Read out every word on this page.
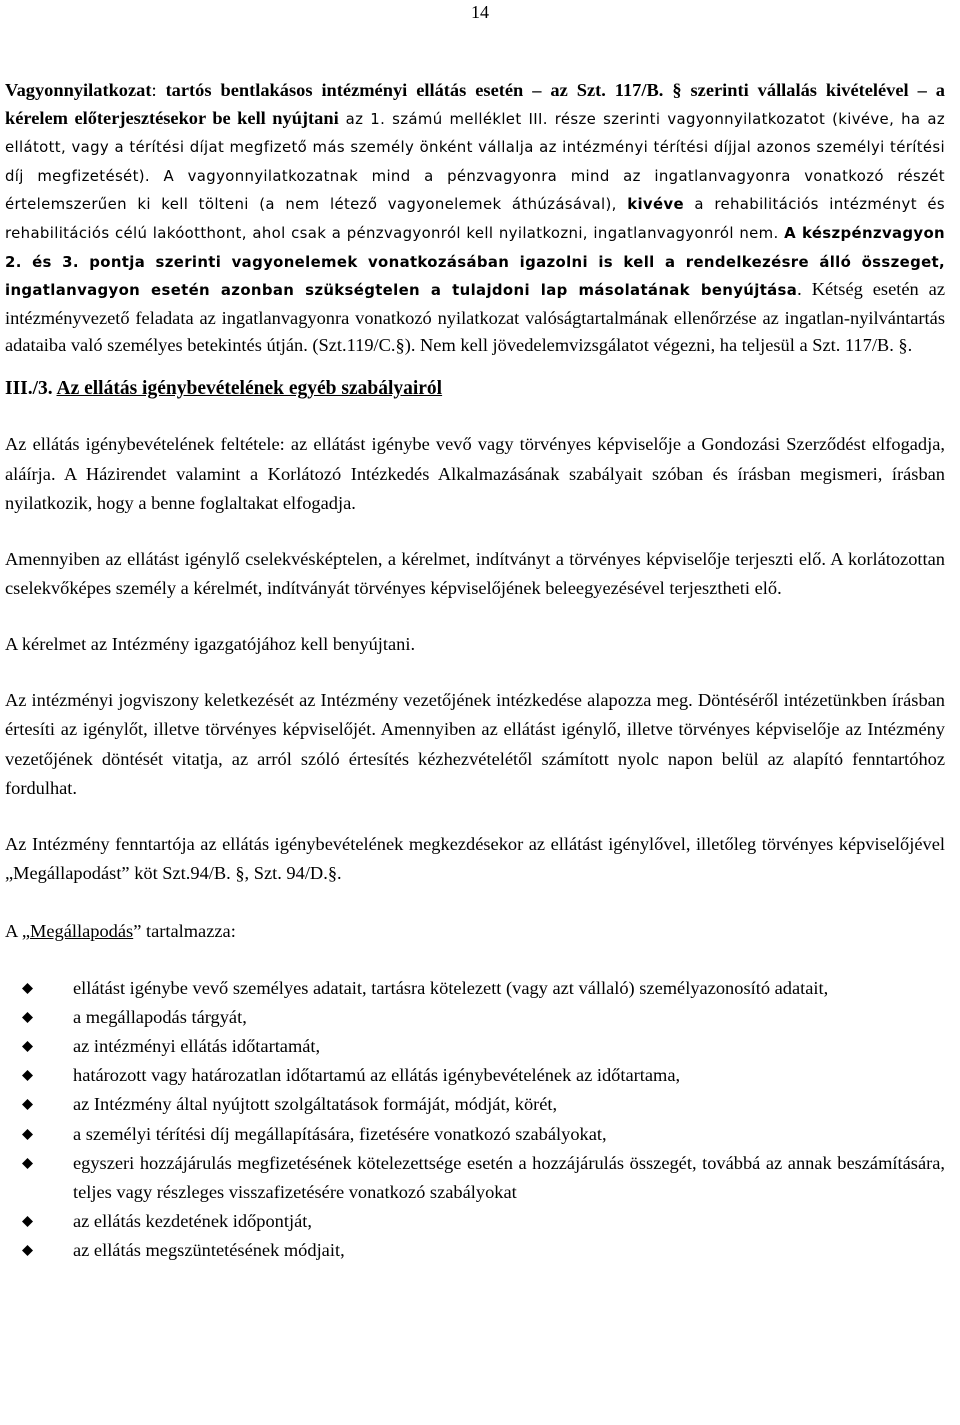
14

Vagyonnyilatkozat: tartós bentlakásos intézményi ellátás esetén – az Szt. 117/B. § szerinti vállalás kivételével – a kérelem előterjesztésekor be kell nyújtani az 1. számú melléklet III. része szerinti vagyonnyilatkozatot (kivéve, ha az ellátott, vagy a térítési díjat megfizető más személy önként vállalja az intézményi térítési díjjal azonos személyi térítési díj megfizetését). A vagyonnyilatkozatnak mind a pénzvagyonra mind az ingatlanvagyonra vonatkozó részét értelemszerűen ki kell tölteni (a nem létező vagyonelemek áthúzásával), kivéve a rehabilitációs intézményt és rehabilitációs célú lakóotthont, ahol csak a pénzvagyonról kell nyilatkozni, ingatlanvagyonról nem. A készpénzvagyon 2. és 3. pontja szerinti vagyonelemek vonatkozásában igazolni is kell a rendelkezésre álló összeget, ingatlanvagyon esetén azonban szükségtelen a tulajdoni lap másolatának benyújtása. Kétség esetén az intézményvezető feladata az ingatlanvagyonra vonatkozó nyilatkozat valóságtartalmának ellenőrzése az ingatlan-nyilvántartás adataiba való személyes betekintés útján. (Szt.119/C.§). Nem kell jövedelemvizsgálatot végezni, ha teljesül a Szt. 117/B. §.

III./3. Az ellátás igénybevételének egyéb szabályairól

Az ellátás igénybevételének feltétele: az ellátást igénybe vevő vagy törvényes képviselője a Gondozási Szerződést elfogadja, aláírja. A Házirendet valamint a Korlátozó Intézkedés Alkalmazásának szabályait szóban és írásban megismeri, írásban nyilatkozik, hogy a benne foglaltakat elfogadja.

Amennyiben az ellátást igénylő cselekvésképtelen, a kérelmet, indítványt a törvényes képviselője terjeszti elő. A korlátozottan cselekvőképes személy a kérelmét, indítványát törvényes képviselőjének beleegyezésével terjesztheti elő.

A kérelmet az Intézmény igazgatójához kell benyújtani.

Az intézményi jogviszony keletkezését az Intézmény vezetőjének intézkedése alapozza meg. Döntéséről intézetünkben írásban értesíti az igénylőt, illetve törvényes képviselőjét. Amennyiben az ellátást igénylő, illetve törvényes képviselője az Intézmény vezetőjének döntését vitatja, az arról szóló értesítés kézhezvételétől számított nyolc napon belül az alapító fenntartóhoz fordulhat.

Az Intézmény fenntartója az ellátás igénybevételének megkezdésekor az ellátást igénylővel, illetőleg törvényes képviselőjével „Megállapodást” köt Szt.94/B. §, Szt. 94/D.§.

A „Megállapodás” tartalmazza:

ellátást igénybe vevő személyes adatait, tartásra kötelezett (vagy azt vállaló) személyazonosító adatait,
a megállapodás tárgyát,
az intézményi ellátás időtartamát,
határozott vagy határozatlan időtartamú az ellátás igénybevételének az időtartama,
az Intézmény által nyújtott szolgáltatások formáját, módját, körét,
a személyi térítési díj megállapítására, fizetésére vonatkozó szabályokat,
egyszeri hozzájárulás megfizetésének kötelezettsége esetén a hozzájárulás összegét, továbbá az annak beszámítására, teljes vagy részleges visszafizetésére vonatkozó szabályokat
az ellátás kezdetének időpontját,
az ellátás megszüntetésének módjait,
